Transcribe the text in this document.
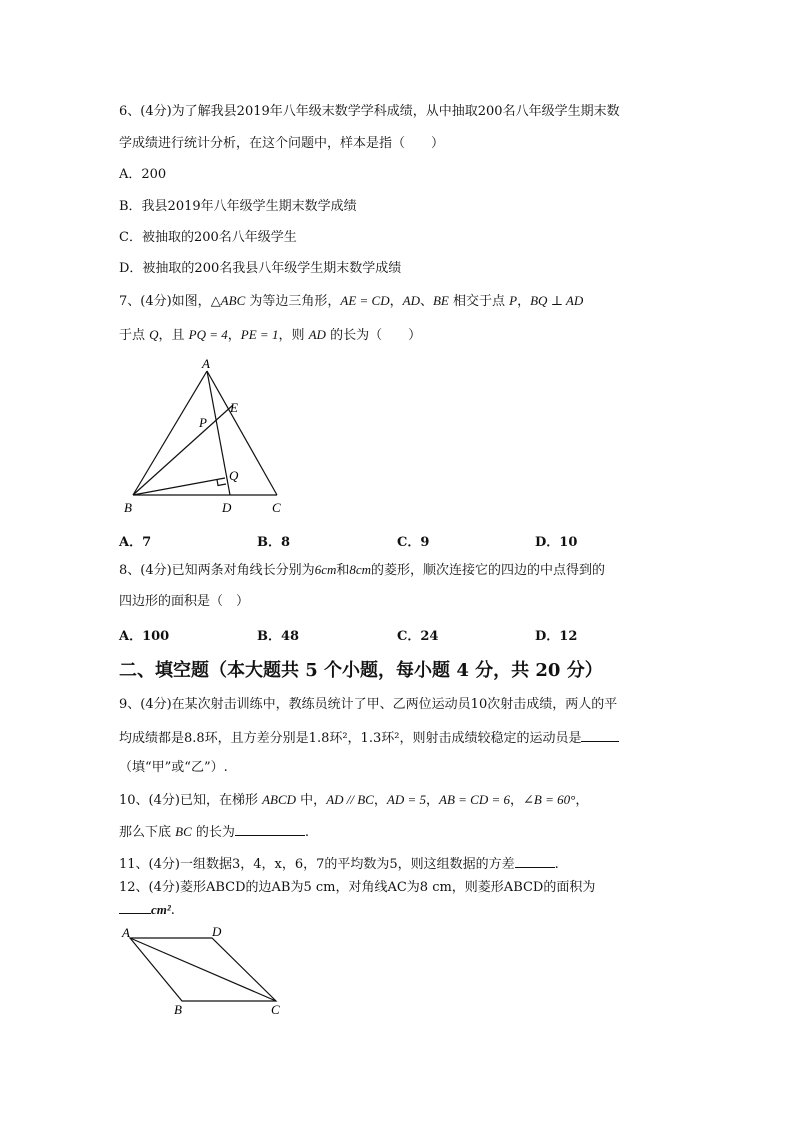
6、(4分)为了解我县2019年八年级末数学学科成绩，从中抽取200名八年级学生期末数
学成绩进行统计分析，在这个问题中，样本是指（　　）
A．200
B．我县2019年八年级学生期末数学成绩
C．被抽取的200名八年级学生
D．被抽取的200名我县八年级学生期末数学成绩
7、(4分)如图，△ABC 为等边三角形，AE = CD，AD、BE 相交于点 P，BQ ⊥ AD
于点 Q，且 PQ = 4，PE = 1，则 AD 的长为（　　）
A
E
P
Q
B	D	C
A．7	B．8	C．9	D．10
8、(4分)已知两条对角线长分别为6cm和8cm的菱形，顺次连接它的四边的中点得到的
四边形的面积是（　）
A．100	B．48	C．24	D．12
二、填空题（本大题共 5 个小题，每小题 4 分，共 20 分）
9、(4分)在某次射击训练中，教练员统计了甲、乙两位运动员10次射击成绩，两人的平
均成绩都是8.8环，且方差分别是1.8环²，1.3环²，则射击成绩较稳定的运动员是
（填“甲”或“乙”）.
10、(4分)已知，在梯形 ABCD 中，AD // BC，AD = 5，AB = CD = 6，∠B = 60°，
那么下底 BC 的长为	.
11、(4分)一组数据3，4，x，6，7的平均数为5，则这组数据的方差	.
12、(4分)菱形ABCD的边AB为5 cm，对角线AC为8 cm，则菱形ABCD的面积为
cm².
A	D
B	C
